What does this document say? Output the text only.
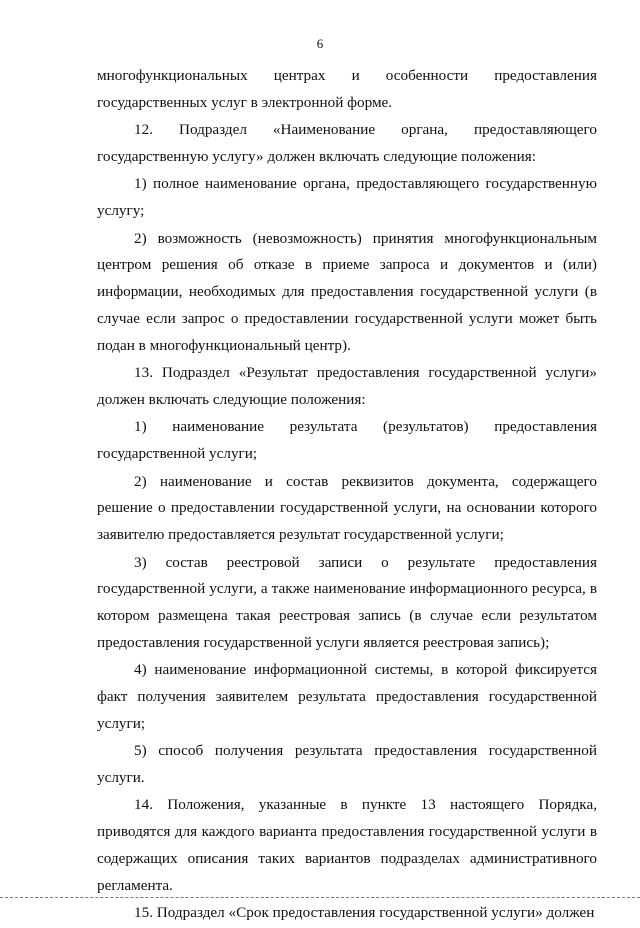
6

многофункциональных центрах и особенности предоставления государственных услуг в электронной форме.

12. Подраздел «Наименование органа, предоставляющего государственную услугу» должен включать следующие положения:

1) полное наименование органа, предоставляющего государственную услугу;

2) возможность (невозможность) принятия многофункциональным центром решения об отказе в приеме запроса и документов и (или) информации, необходимых для предоставления государственной услуги (в случае если запрос о предоставлении государственной услуги может быть подан в многофункциональный центр).

13. Подраздел «Результат предоставления государственной услуги» должен включать следующие положения:

1) наименование результата (результатов) предоставления государственной услуги;

2) наименование и состав реквизитов документа, содержащего решение о предоставлении государственной услуги, на основании которого заявителю предоставляется результат государственной услуги;

3) состав реестровой записи о результате предоставления государственной услуги, а также наименование информационного ресурса, в котором размещена такая реестровая запись (в случае если результатом предоставления государственной услуги является реестровая запись);

4) наименование информационной системы, в которой фиксируется факт получения заявителем результата предоставления государственной услуги;

5) способ получения результата предоставления государственной услуги.

14. Положения, указанные в пункте 13 настоящего Порядка, приводятся для каждого варианта предоставления государственной услуги в содержащих описания таких вариантов подразделах административного регламента.

15. Подраздел «Срок предоставления государственной услуги» должен
